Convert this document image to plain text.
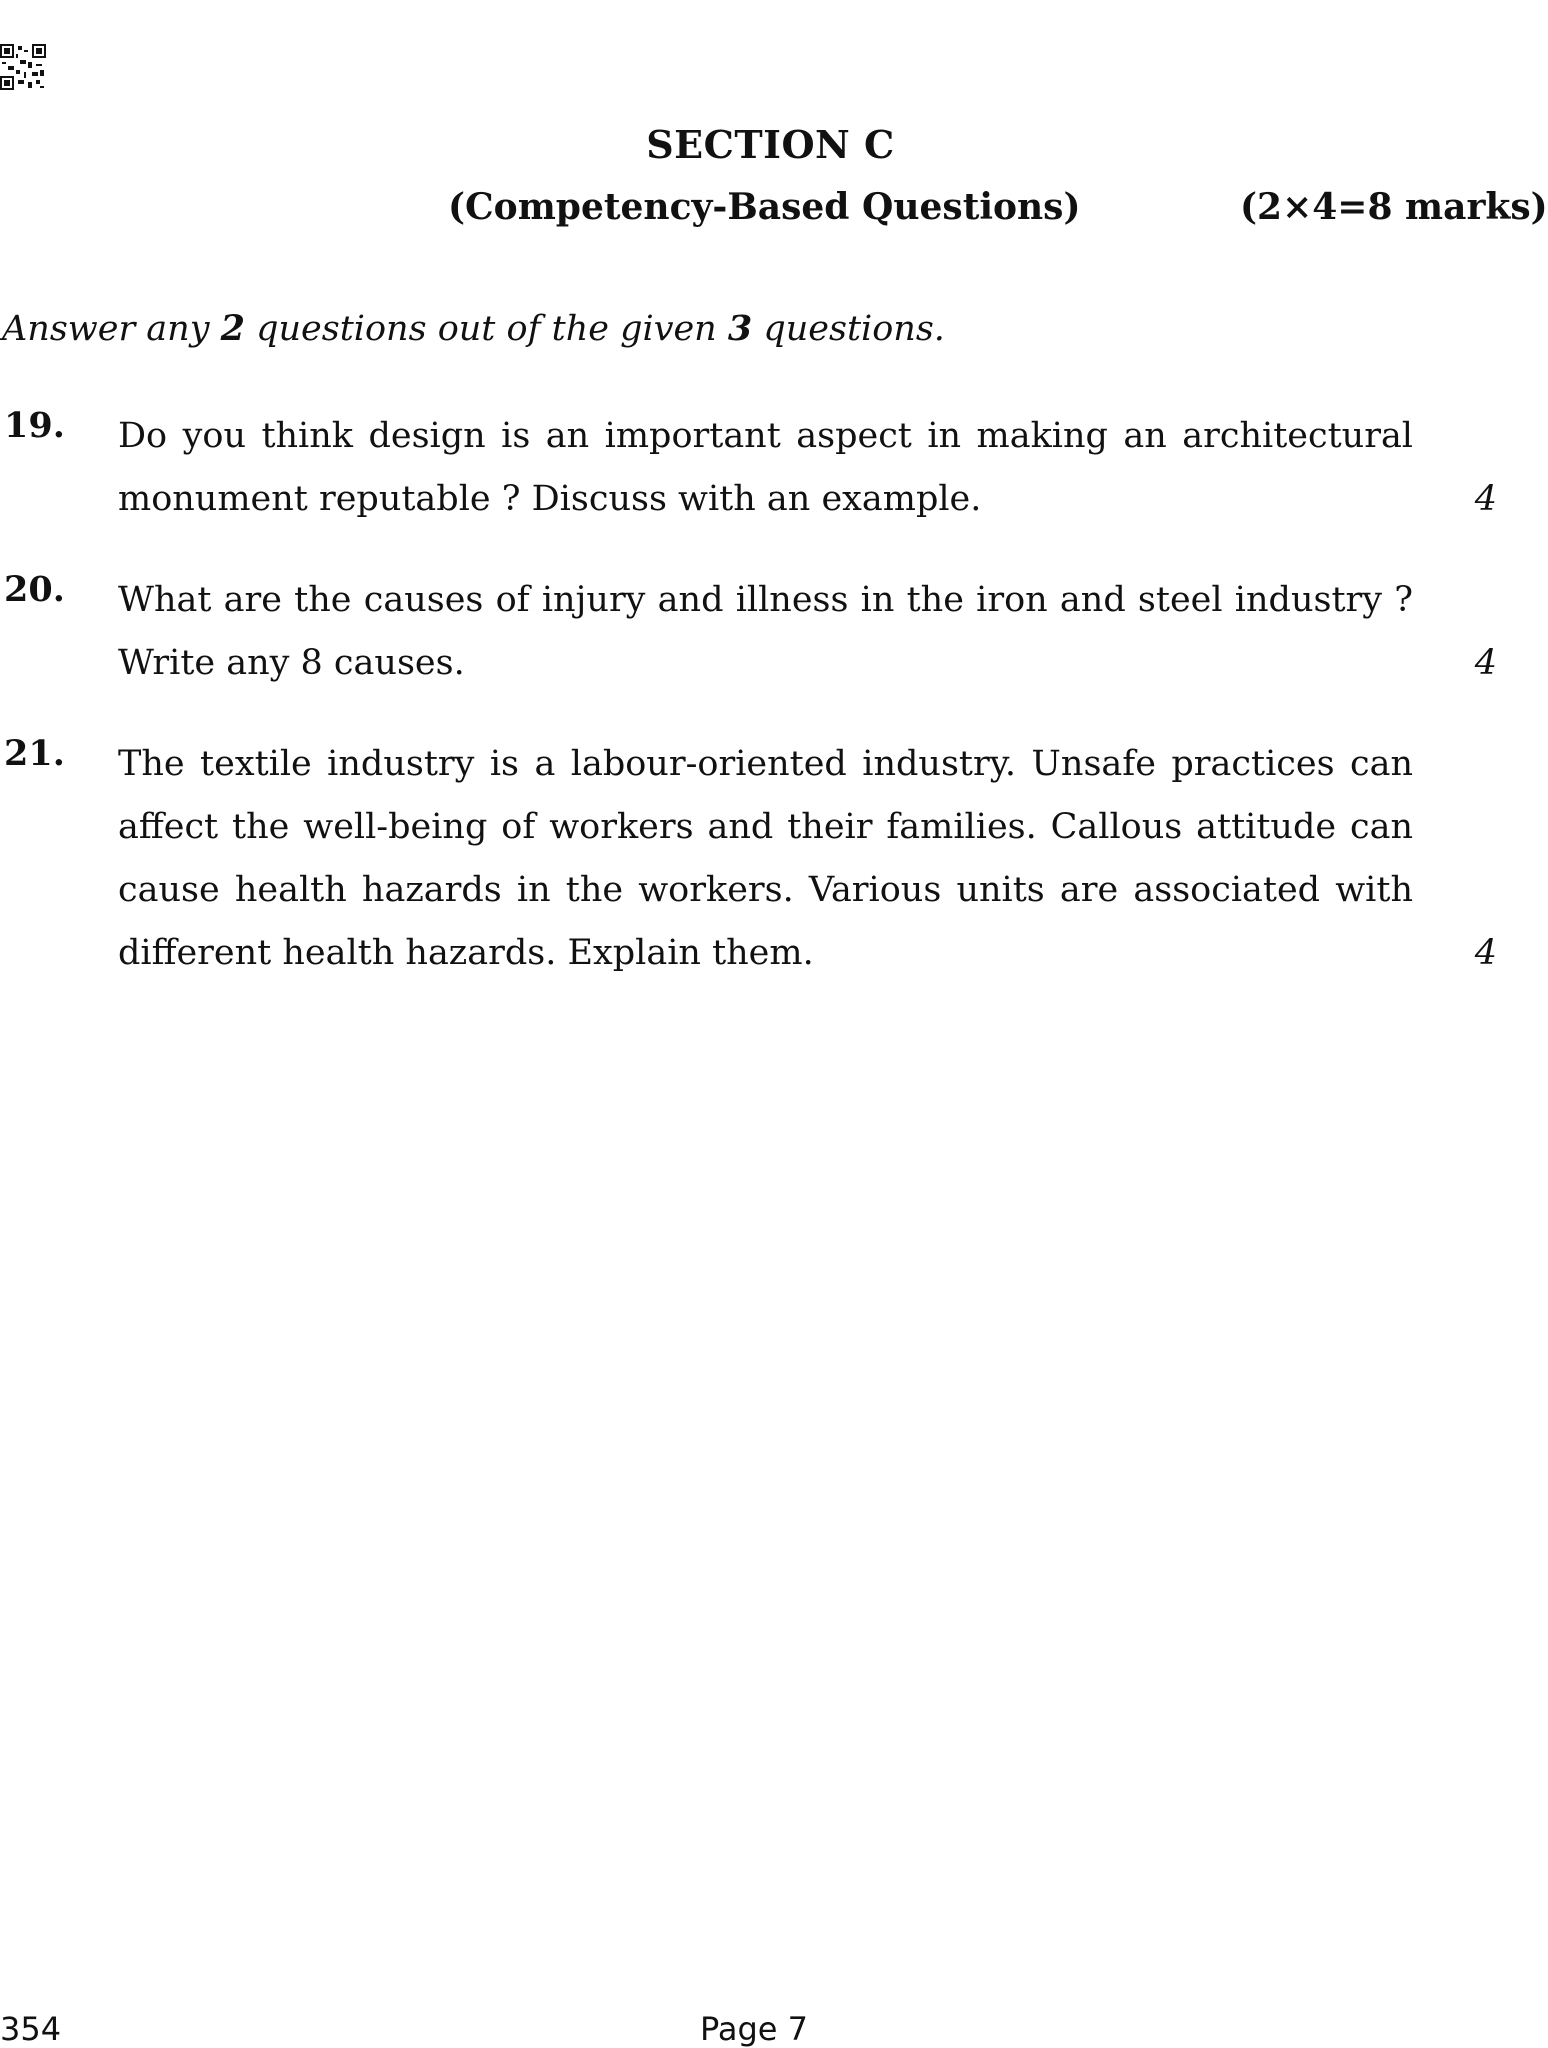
SECTION C
(Competency-Based Questions)	(2×4=8 marks)
Answer any 2 questions out of the given 3 questions.
19. Do you think design is an important aspect in making an architectural monument reputable ? Discuss with an example.	4
20. What are the causes of injury and illness in the iron and steel industry ? Write any 8 causes.	4
21. The textile industry is a labour-oriented industry. Unsafe practices can affect the well-being of workers and their families. Callous attitude can cause health hazards in the workers. Various units are associated with different health hazards. Explain them.	4
354	Page 7
